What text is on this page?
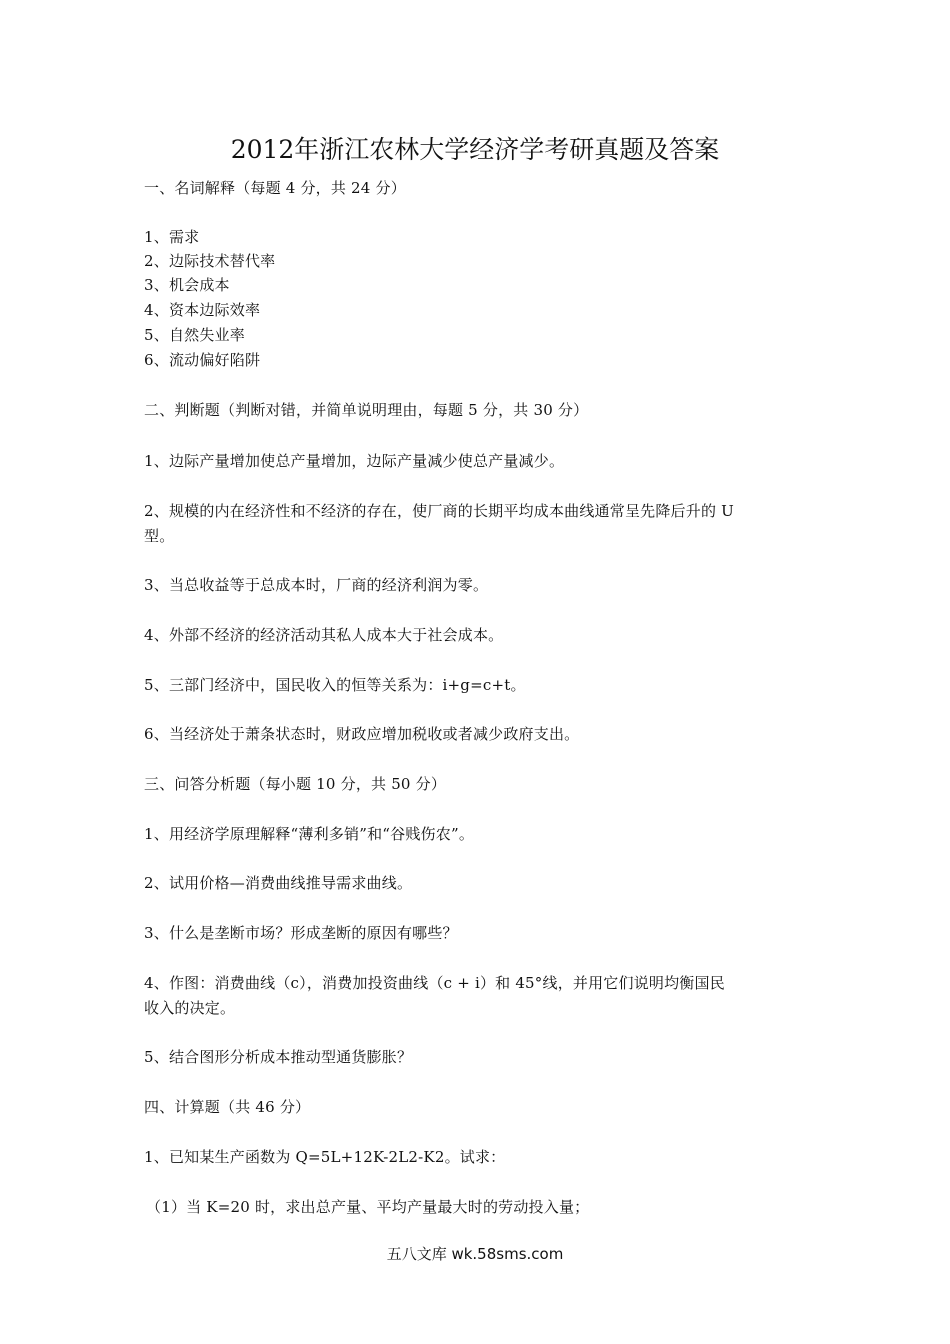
2012年浙江农林大学经济学考研真题及答案
一、名词解释（每题 4 分，共 24 分）
1、需求
2、边际技术替代率
3、机会成本
4、资本边际效率
5、自然失业率
6、流动偏好陷阱
二、判断题（判断对错，并简单说明理由，每题 5 分，共 30 分）
1、边际产量增加使总产量增加，边际产量减少使总产量减少。
2、规模的内在经济性和不经济的存在，使厂商的长期平均成本曲线通常呈先降后升的 U
型。
3、当总收益等于总成本时，厂商的经济利润为零。
4、外部不经济的经济活动其私人成本大于社会成本。
5、三部门经济中，国民收入的恒等关系为：i+g=c+t。
6、当经济处于萧条状态时，财政应增加税收或者减少政府支出。
三、问答分析题（每小题 10 分，共 50 分）
1、用经济学原理解释“薄利多销”和“谷贱伤农”。
2、试用价格—消费曲线推导需求曲线。
3、什么是垄断市场？形成垄断的原因有哪些？
4、作图：消费曲线（c），消费加投资曲线（c + i）和 45°线，并用它们说明均衡国民
收入的决定。
5、结合图形分析成本推动型通货膨胀？
四、计算题（共 46 分）
1、已知某生产函数为 Q=5L+12K-2L2-K2。试求：
（1）当 K=20 时，求出总产量、平均产量最大时的劳动投入量；
五八文库 wk.58sms.com
